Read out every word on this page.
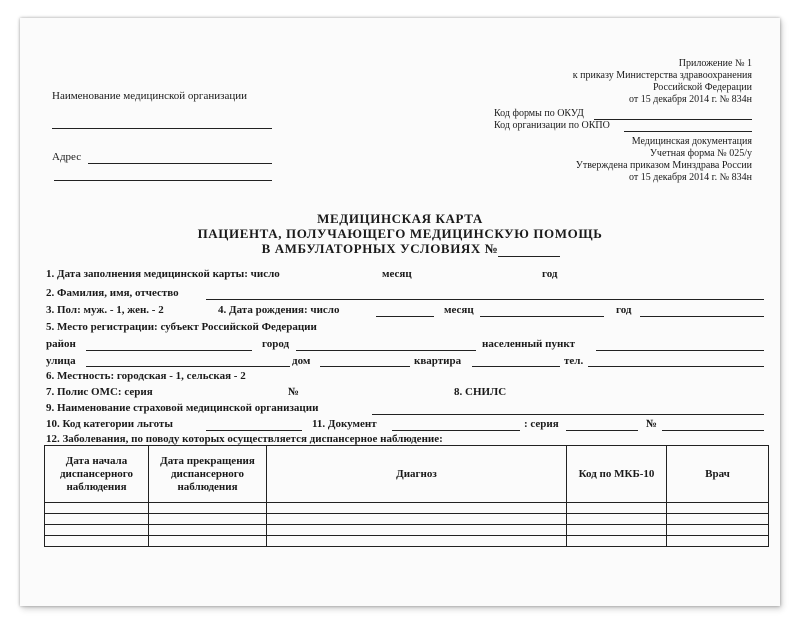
Наименование медицинской организации
Адрес
Приложение № 1
к приказу Министерства здравоохранения
Российской Федерации
от 15 декабря 2014 г. № 834н
Код формы по ОКУД
Код организации по ОКПО
Медицинская документация
Учетная форма № 025/у
Утверждена приказом Минздрава России
от 15 декабря 2014 г. № 834н
МЕДИЦИНСКАЯ КАРТА
ПАЦИЕНТА, ПОЛУЧАЮЩЕГО МЕДИЦИНСКУЮ ПОМОЩЬ
В АМБУЛАТОРНЫХ УСЛОВИЯХ №
1. Дата заполнения медицинской карты: число	месяц	год
2. Фамилия, имя, отчество
3. Пол: муж. - 1, жен. - 2	4. Дата рождения: число	месяц	год
5. Место регистрации: субъект Российской Федерации
район	город	населенный пункт
улица	дом	квартира	тел.
6. Местность: городская - 1, сельская - 2
7. Полис ОМС: серия	№	8. СНИЛС
9. Наименование страховой медицинской организации
10. Код категории льготы	11. Документ	: серия	№
12. Заболевания, по поводу которых осуществляется диспансерное наблюдение:
Дата начала диспансерного наблюдения	Дата прекращения диспансерного наблюдения	Диагноз	Код по МКБ-10	Врач
